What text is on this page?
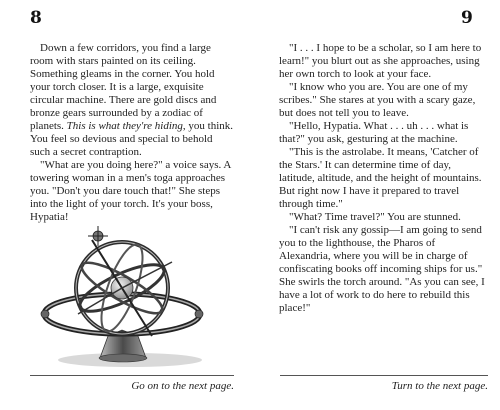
8

Down a few corridors, you find a large room with stars painted on its ceiling. Something gleams in the corner. You hold your torch closer. It is a large, exquisite circular machine. There are gold discs and bronze gears surrounded by a zodiac of planets. This is what they're hiding, you think. You feel so devious and special to behold such a secret contraption.

"What are you doing here?" a voice says. A towering woman in a men's toga approaches you. "Don't you dare touch that!" She steps into the light of your torch. It's your boss, Hypatia!

Go on to the next page.
9

"I . . . I hope to be a scholar, so I am here to learn!" you blurt out as she approaches, using her own torch to look at your face.

"I know who you are. You are one of my scribes." She stares at you with a scary gaze, but does not tell you to leave.

"Hello, Hypatia. What . . . uh . . . what is that?" you ask, gesturing at the machine.

"This is the astrolabe. It means, 'Catcher of the Stars.' It can determine time of day, latitude, altitude, and the height of mountains. But right now I have it prepared to travel through time."

"What? Time travel?" You are stunned.

"I can't risk any gossip—I am going to send you to the lighthouse, the Pharos of Alexandria, where you will be in charge of confiscating books off incoming ships for us." She swirls the torch around. "As you can see, I have a lot of work to do here to rebuild this place!"

Turn to the next page.
